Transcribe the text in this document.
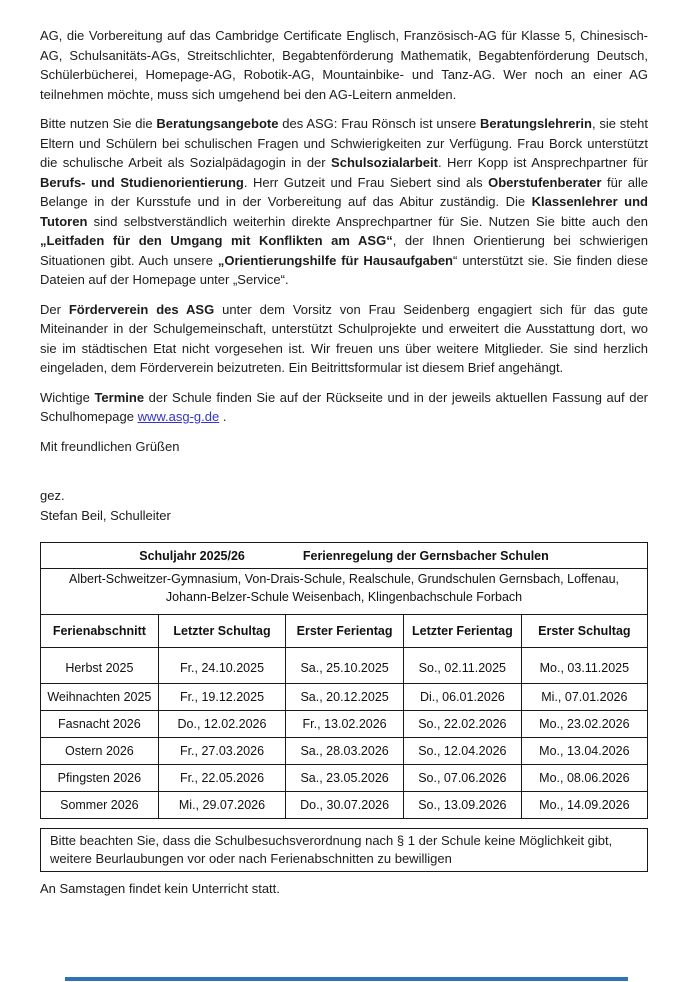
AG, die Vorbereitung auf das Cambridge Certificate Englisch, Französisch-AG für Klasse 5, Chinesisch-AG, Schulsanitäts-AGs, Streitschlichter, Begabtenförderung Mathematik, Begabtenförderung Deutsch, Schülerbücherei, Homepage-AG, Robotik-AG, Mountainbike- und Tanz-AG. Wer noch an einer AG teilnehmen möchte, muss sich umgehend bei den AG-Leitern anmelden.

Bitte nutzen Sie die Beratungsangebote des ASG: Frau Rönsch ist unsere Beratungslehrerin, sie steht Eltern und Schülern bei schulischen Fragen und Schwierigkeiten zur Verfügung. Frau Borck unterstützt die schulische Arbeit als Sozialpädagogin in der Schulsozialarbeit. Herr Kopp ist Ansprechpartner für Berufs- und Studienorientierung. Herr Gutzeit und Frau Siebert sind als Oberstufenberater für alle Belange in der Kursstufe und in der Vorbereitung auf das Abitur zuständig. Die Klassenlehrer und Tutoren sind selbstverständlich weiterhin direkte Ansprechpartner für Sie. Nutzen Sie bitte auch den „Leitfaden für den Umgang mit Konflikten am ASG“, der Ihnen Orientierung bei schwierigen Situationen gibt. Auch unsere „Orientierungshilfe für Hausaufgaben“ unterstützt sie. Sie finden diese Dateien auf der Homepage unter „Service“.

Der Förderverein des ASG unter dem Vorsitz von Frau Seidenberg engagiert sich für das gute Miteinander in der Schulgemeinschaft, unterstützt Schulprojekte und erweitert die Ausstattung dort, wo sie im städtischen Etat nicht vorgesehen ist. Wir freuen uns über weitere Mitglieder. Sie sind herzlich eingeladen, dem Förderverein beizutreten. Ein Beitrittsformular ist diesem Brief angehängt.

Wichtige Termine der Schule finden Sie auf der Rückseite und in der jeweils aktuellen Fassung auf der Schulhomepage www.asg-g.de .

Mit freundlichen Grüßen

gez.

Stefan Beil, Schulleiter

Schuljahr 2025/26 Ferienregelung der Gernsbacher Schulen				
Albert-Schweitzer-Gymnasium, Von-Drais-Schule, Realschule, Grundschulen Gernsbach, Loffenau, Johann-Belzer-Schule Weisenbach, Klingenbachschule Forbach				
Ferienabschnitt	Letzter Schultag	Erster Ferientag	Letzter Ferientag	Erster Schultag
Herbst 2025	Fr., 24.10.2025	Sa., 25.10.2025	So., 02.11.2025	Mo., 03.11.2025
Weihnachten 2025	Fr., 19.12.2025	Sa., 20.12.2025	Di., 06.01.2026	Mi., 07.01.2026
Fasnacht 2026	Do., 12.02.2026	Fr., 13.02.2026	So., 22.02.2026	Mo., 23.02.2026
Ostern 2026	Fr., 27.03.2026	Sa., 28.03.2026	So., 12.04.2026	Mo., 13.04.2026
Pfingsten 2026	Fr., 22.05.2026	Sa., 23.05.2026	So., 07.06.2026	Mo., 08.06.2026
Sommer 2026	Mi., 29.07.2026	Do., 30.07.2026	So., 13.09.2026	Mo., 14.09.2026
Bitte beachten Sie, dass die Schulbesuchsverordnung nach § 1 der Schule keine Möglichkeit gibt, weitere Beurlaubungen vor oder nach Ferienabschnitten zu bewilligen

An Samstagen findet kein Unterricht statt.
